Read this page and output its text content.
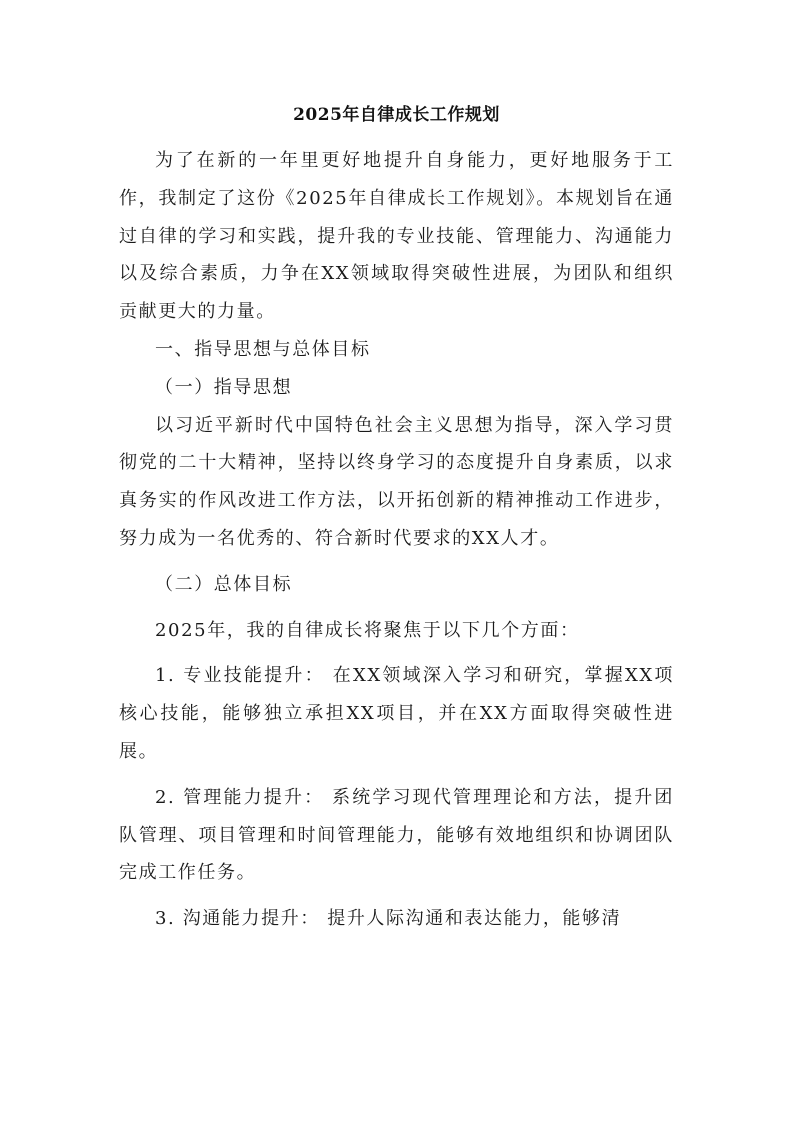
2025年自律成长工作规划

为了在新的一年里更好地提升自身能力，更好地服务于工作，我制定了这份《2025年自律成长工作规划》。本规划旨在通过自律的学习和实践，提升我的专业技能、管理能力、沟通能力以及综合素质，力争在XX领域取得突破性进展，为团队和组织贡献更大的力量。

一、指导思想与总体目标

（一）指导思想

以习近平新时代中国特色社会主义思想为指导，深入学习贯彻党的二十大精神，坚持以终身学习的态度提升自身素质，以求真务实的作风改进工作方法，以开拓创新的精神推动工作进步，努力成为一名优秀的、符合新时代要求的XX人才。

（二）总体目标

2025年，我的自律成长将聚焦于以下几个方面：

1. 专业技能提升： 在XX领域深入学习和研究，掌握XX项核心技能，能够独立承担XX项目，并在XX方面取得突破性进展。

2. 管理能力提升： 系统学习现代管理理论和方法，提升团队管理、项目管理和时间管理能力，能够有效地组织和协调团队完成工作任务。

3. 沟通能力提升： 提升人际沟通和表达能力，能够清
